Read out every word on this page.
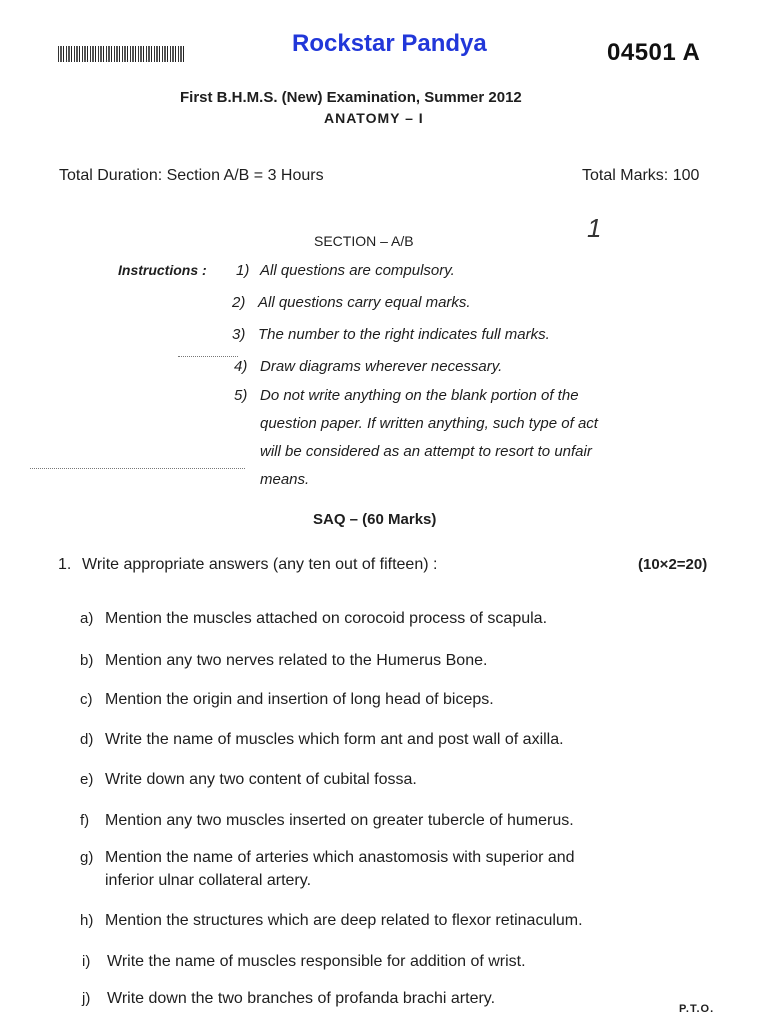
Rockstar Pandya	04501 A
First B.H.M.S. (New) Examination, Summer 2012
ANATOMY – I
Total Duration: Section A/B = 3 Hours	Total Marks: 100
1
SECTION – A/B
Instructions : 1) All questions are compulsory.
2) All questions carry equal marks.
3) The number to the right indicates full marks.
4) Draw diagrams wherever necessary.
5) Do not write anything on the blank portion of the
question paper. If written anything, such type of act
will be considered as an attempt to resort to unfair
means.
SAQ – (60 Marks)
1. Write appropriate answers (any ten out of fifteen) :	(10×2=20)
a) Mention the muscles attached on corocoid process of scapula.
b) Mention any two nerves related to the Humerus Bone.
c) Mention the origin and insertion of long head of biceps.
d) Write the name of muscles which form ant and post wall of axilla.
e) Write down any two content of cubital fossa.
f) Mention any two muscles inserted on greater tubercle of humerus.
g) Mention the name of arteries which anastomosis with superior and
inferior ulnar collateral artery.
h) Mention the structures which are deep related to flexor retinaculum.
i) Write the name of muscles responsible for addition of wrist.
j) Write down the two branches of profanda brachi artery.
P.T.O.
